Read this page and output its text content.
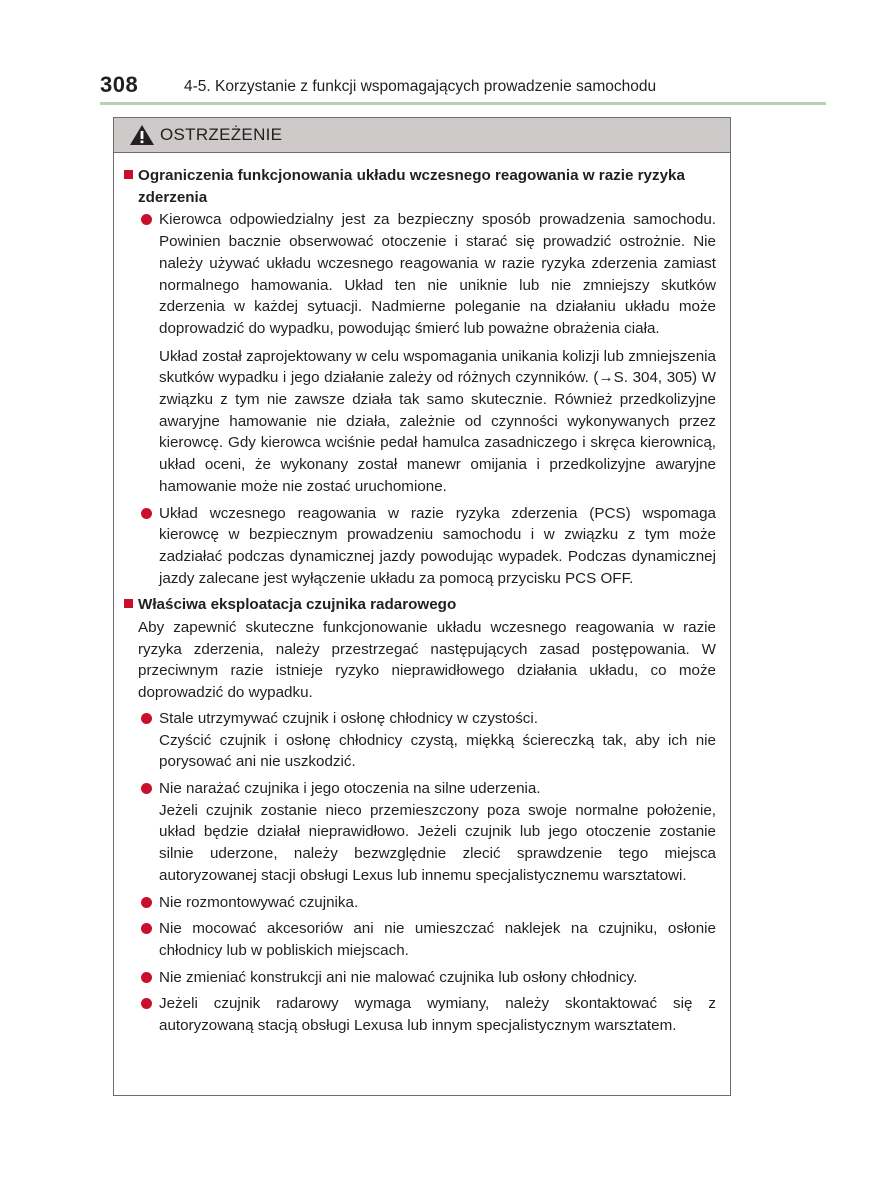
308	4-5. Korzystanie z funkcji wspomagających prowadzenie samochodu
OSTRZEŻENIE
Ograniczenia funkcjonowania układu wczesnego reagowania w razie ryzyka zderzenia

Kierowca odpowiedzialny jest za bezpieczny sposób prowadzenia samochodu. Powinien bacznie obserwować otoczenie i starać się prowadzić ostrożnie. Nie należy używać układu wczesnego reagowania w razie ryzyka zderzenia zamiast normalnego hamowania. Układ ten nie uniknie lub nie zmniejszy skutków zderzenia w każdej sytuacji. Nadmierne poleganie na działaniu układu może doprowadzić do wypadku, powodując śmierć lub poważne obrażenia ciała.

Układ został zaprojektowany w celu wspomagania unikania kolizji lub zmniejszenia skutków wypadku i jego działanie zależy od różnych czynników. (→S. 304, 305) W związku z tym nie zawsze działa tak samo skutecznie. Również przedkolizyjne awaryjne hamowanie nie działa, zależnie od czynności wykonywanych przez kierowcę. Gdy kierowca wciśnie pedał hamulca zasadniczego i skręca kierownicą, układ oceni, że wykonany został manewr omijania i przedkolizyjne awaryjne hamowanie może nie zostać uruchomione.

Układ wczesnego reagowania w razie ryzyka zderzenia (PCS) wspomaga kierowcę w bezpiecznym prowadzeniu samochodu i w związku z tym może zadziałać podczas dynamicznej jazdy powodując wypadek. Podczas dynamicznej jazdy zalecane jest wyłączenie układu za pomocą przycisku PCS OFF.

Właściwa eksploatacja czujnika radarowego

Aby zapewnić skuteczne funkcjonowanie układu wczesnego reagowania w razie ryzyka zderzenia, należy przestrzegać następujących zasad postępowania. W przeciwnym razie istnieje ryzyko nieprawidłowego działania układu, co może doprowadzić do wypadku.

Stale utrzymywać czujnik i osłonę chłodnicy w czystości.

Czyścić czujnik i osłonę chłodnicy czystą, miękką ściereczką tak, aby ich nie porysować ani nie uszkodzić.

Nie narażać czujnika i jego otoczenia na silne uderzenia.

Jeżeli czujnik zostanie nieco przemieszczony poza swoje normalne położenie, układ będzie działał nieprawidłowo. Jeżeli czujnik lub jego otoczenie zostanie silnie uderzone, należy bezwzględnie zlecić sprawdzenie tego miejsca autoryzowanej stacji obsługi Lexus lub innemu specjalistycznemu warsztatowi.

Nie rozmontowywać czujnika.

Nie mocować akcesoriów ani nie umieszczać naklejek na czujniku, osłonie chłodnicy lub w pobliskich miejscach.

Nie zmieniać konstrukcji ani nie malować czujnika lub osłony chłodnicy.

Jeżeli czujnik radarowy wymaga wymiany, należy skontaktować się z autoryzowaną stacją obsługi Lexusa lub innym specjalistycznym warsztatem.
